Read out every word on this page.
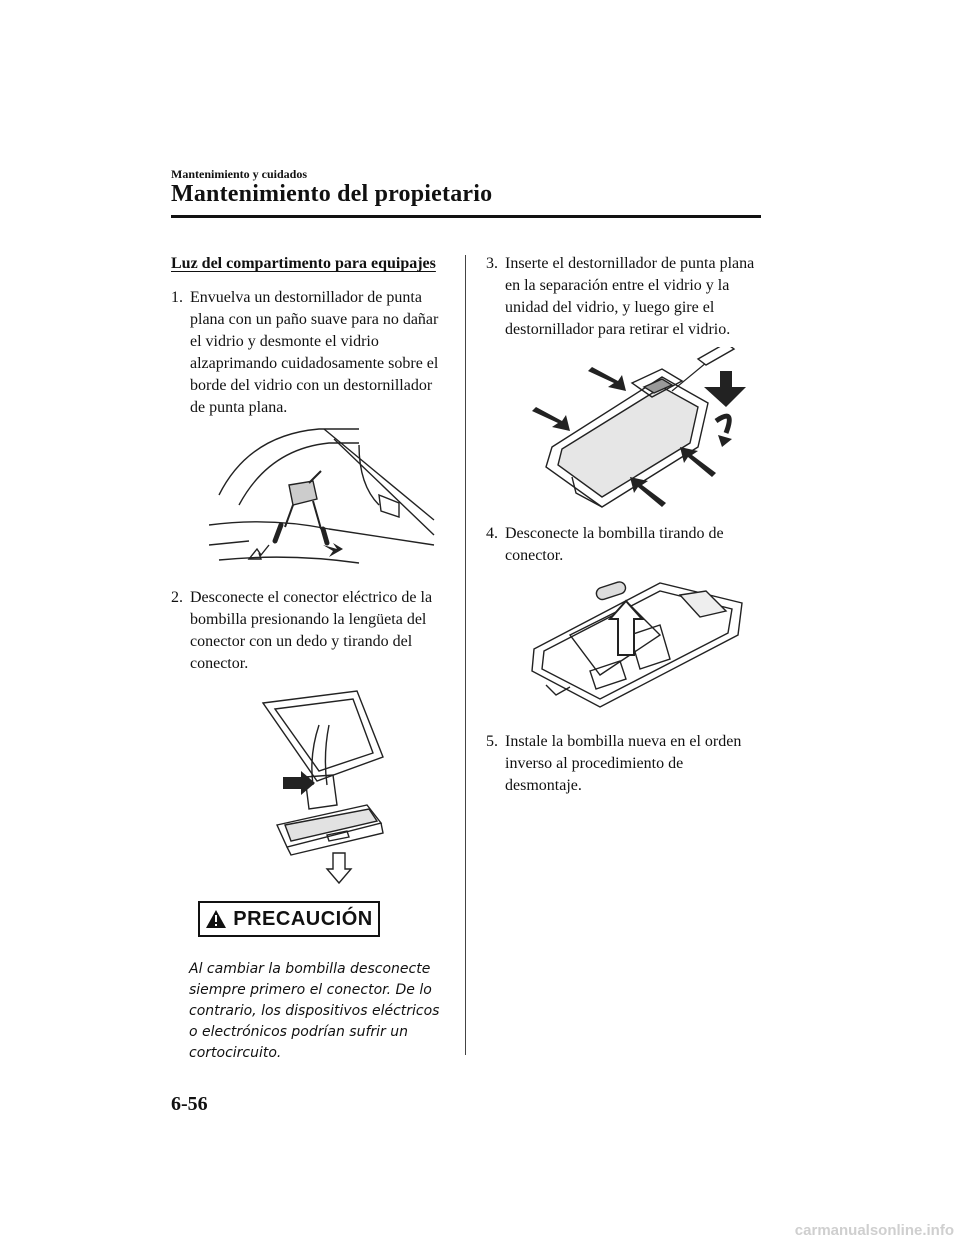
Mantenimiento y cuidados
Mantenimiento del propietario
Luz del compartimento para equipajes
1. Envuelva un destornillador de punta plana con un paño suave para no dañar el vidrio y desmonte el vidrio alzaprimando cuidadosamente sobre el borde del vidrio con un destornillador de punta plana.
2. Desconecte el conector eléctrico de la bombilla presionando la lengüeta del conector con un dedo y tirando del conector.
PRECAUCIÓN
Al cambiar la bombilla desconecte siempre primero el conector. De lo contrario, los dispositivos eléctricos o electrónicos podrían sufrir un cortocircuito.
3. Inserte el destornillador de punta plana en la separación entre el vidrio y la unidad del vidrio, y luego gire el destornillador para retirar el vidrio.
4. Desconecte la bombilla tirando de conector.
5. Instale la bombilla nueva en el orden inverso al procedimiento de desmontaje.
6-56
carmanualsonline.info
